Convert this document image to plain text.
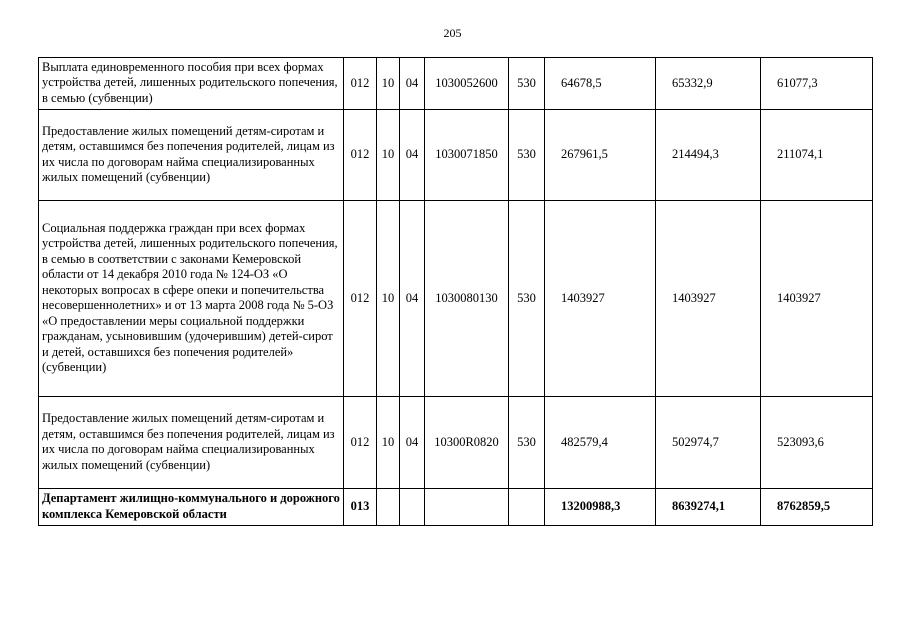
205
Выплата единовременного пособия при всех формах устройства детей, лишенных родительского попечения, в семью (субвенции)	012	10	04	1030052600	530	64678,5	65332,9	61077,3
Предоставление жилых помещений детям-сиротам и детям, оставшимся без попечения родителей, лицам из их числа по договорам найма специализированных жилых помещений (субвенции)	012	10	04	1030071850	530	267961,5	214494,3	211074,1
Социальная поддержка граждан при всех формах устройства детей, лишенных родительского попечения, в семью в соответствии с законами Кемеровской области от 14 декабря 2010 года № 124-ОЗ «О некоторых вопросах в сфере опеки и попечительства несовершеннолетних» и от 13 марта 2008 года № 5-ОЗ «О предоставлении меры социальной поддержки гражданам, усыновившим (удочерившим) детей-сирот и детей, оставшихся без попечения родителей» (субвенции)	012	10	04	1030080130	530	1403927	1403927	1403927
Предоставление жилых помещений детям-сиротам и детям, оставшимся без попечения родителей, лицам из их числа по договорам найма специализированных жилых помещений (субвенции)	012	10	04	10300R0820	530	482579,4	502974,7	523093,6
Департамент жилищно-коммунального и дорожного комплекса Кемеровской области	013					13200988,3	8639274,1	8762859,5
